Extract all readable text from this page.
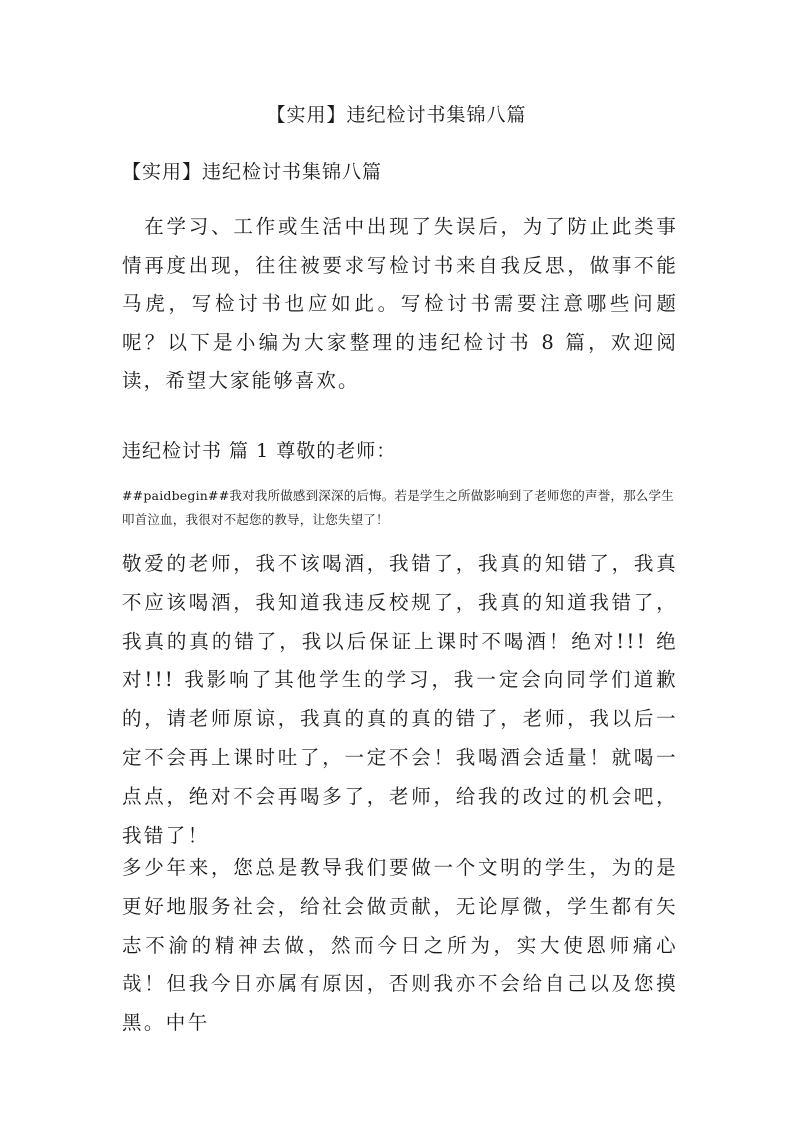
【实用】违纪检讨书集锦八篇
【实用】违纪检讨书集锦八篇

 在学习、工作或生活中出现了失误后，为了防止此类事情再度出现，往往被要求写检讨书来自我反思，做事不能马虎，写检讨书也应如此。写检讨书需要注意哪些问题呢？以下是小编为大家整理的违纪检讨书 8 篇，欢迎阅读，希望大家能够喜欢。

违纪检讨书 篇 1 尊敬的老师：

##paidbegin##我对我所做感到深深的后悔。若是学生之所做影响到了老师您的声誉，那么学生叩首泣血，我很对不起您的教导，让您失望了！

敬爱的老师，我不该喝酒，我错了，我真的知错了，我真不应该喝酒，我知道我违反校规了，我真的知道我错了，我真的真的错了，我以后保证上课时不喝酒！绝对!!! 绝对!!! 我影响了其他学生的学习，我一定会向同学们道歉的，请老师原谅，我真的真的真的错了，老师，我以后一定不会再上课时吐了，一定不会！我喝酒会适量！就喝一点点，绝对不会再喝多了，老师，给我的改过的机会吧，我错了！

多少年来，您总是教导我们要做一个文明的学生，为的是更好地服务社会，给社会做贡献，无论厚微，学生都有矢志不渝的精神去做，然而今日之所为，实大使恩师痛心哉！但我今日亦属有原因，否则我亦不会给自己以及您摸黑。中午
